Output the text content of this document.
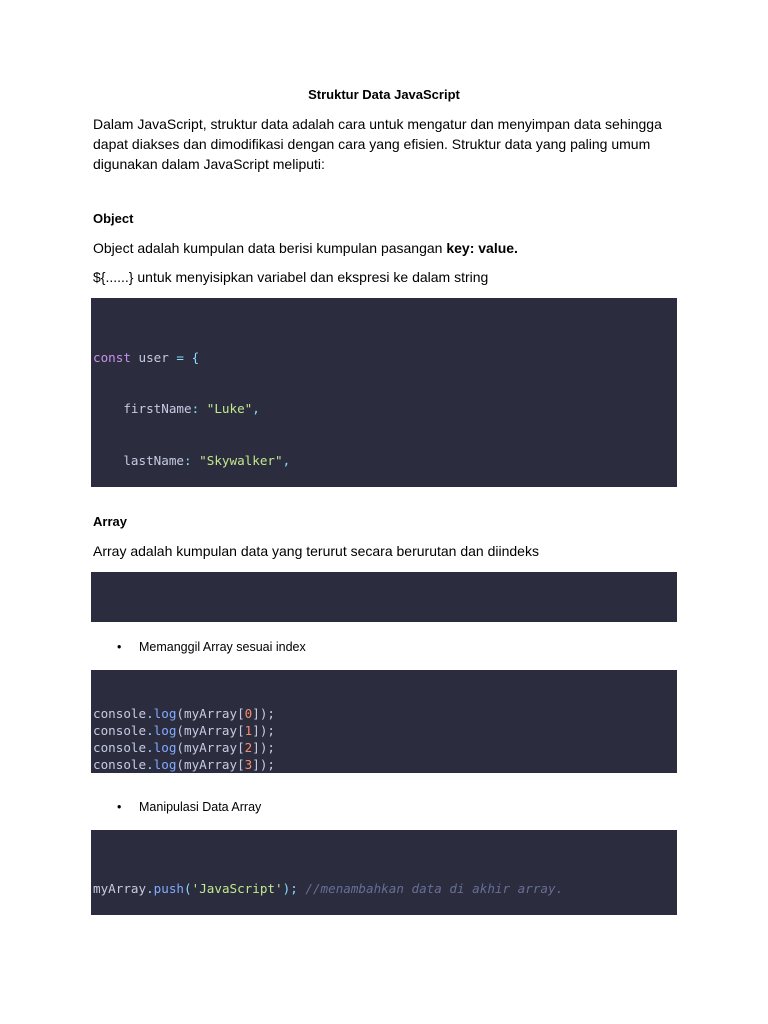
Struktur Data JavaScript
Dalam JavaScript, struktur data adalah cara untuk mengatur dan menyimpan data sehingga dapat diakses dan dimodifikasi dengan cara yang efisien. Struktur data yang paling umum digunakan dalam JavaScript meliputi:
Object
Object adalah kumpulan data berisi kumpulan pasangan key: value.
${......} untuk menyisipkan variabel dan ekspresi ke dalam string

const user = {

firstName: "Luke",

lastName: "Skywalker",

Array
Array adalah kumpulan data yang terurut secara berurutan dan diindeks

• Memanggil Array sesuai index

console.log(myArray[0]);
console.log(myArray[1]);
console.log(myArray[2]);
console.log(myArray[3]);

• Manipulasi Data Array

myArray.push('JavaScript'); //menambahkan data di akhir array.
